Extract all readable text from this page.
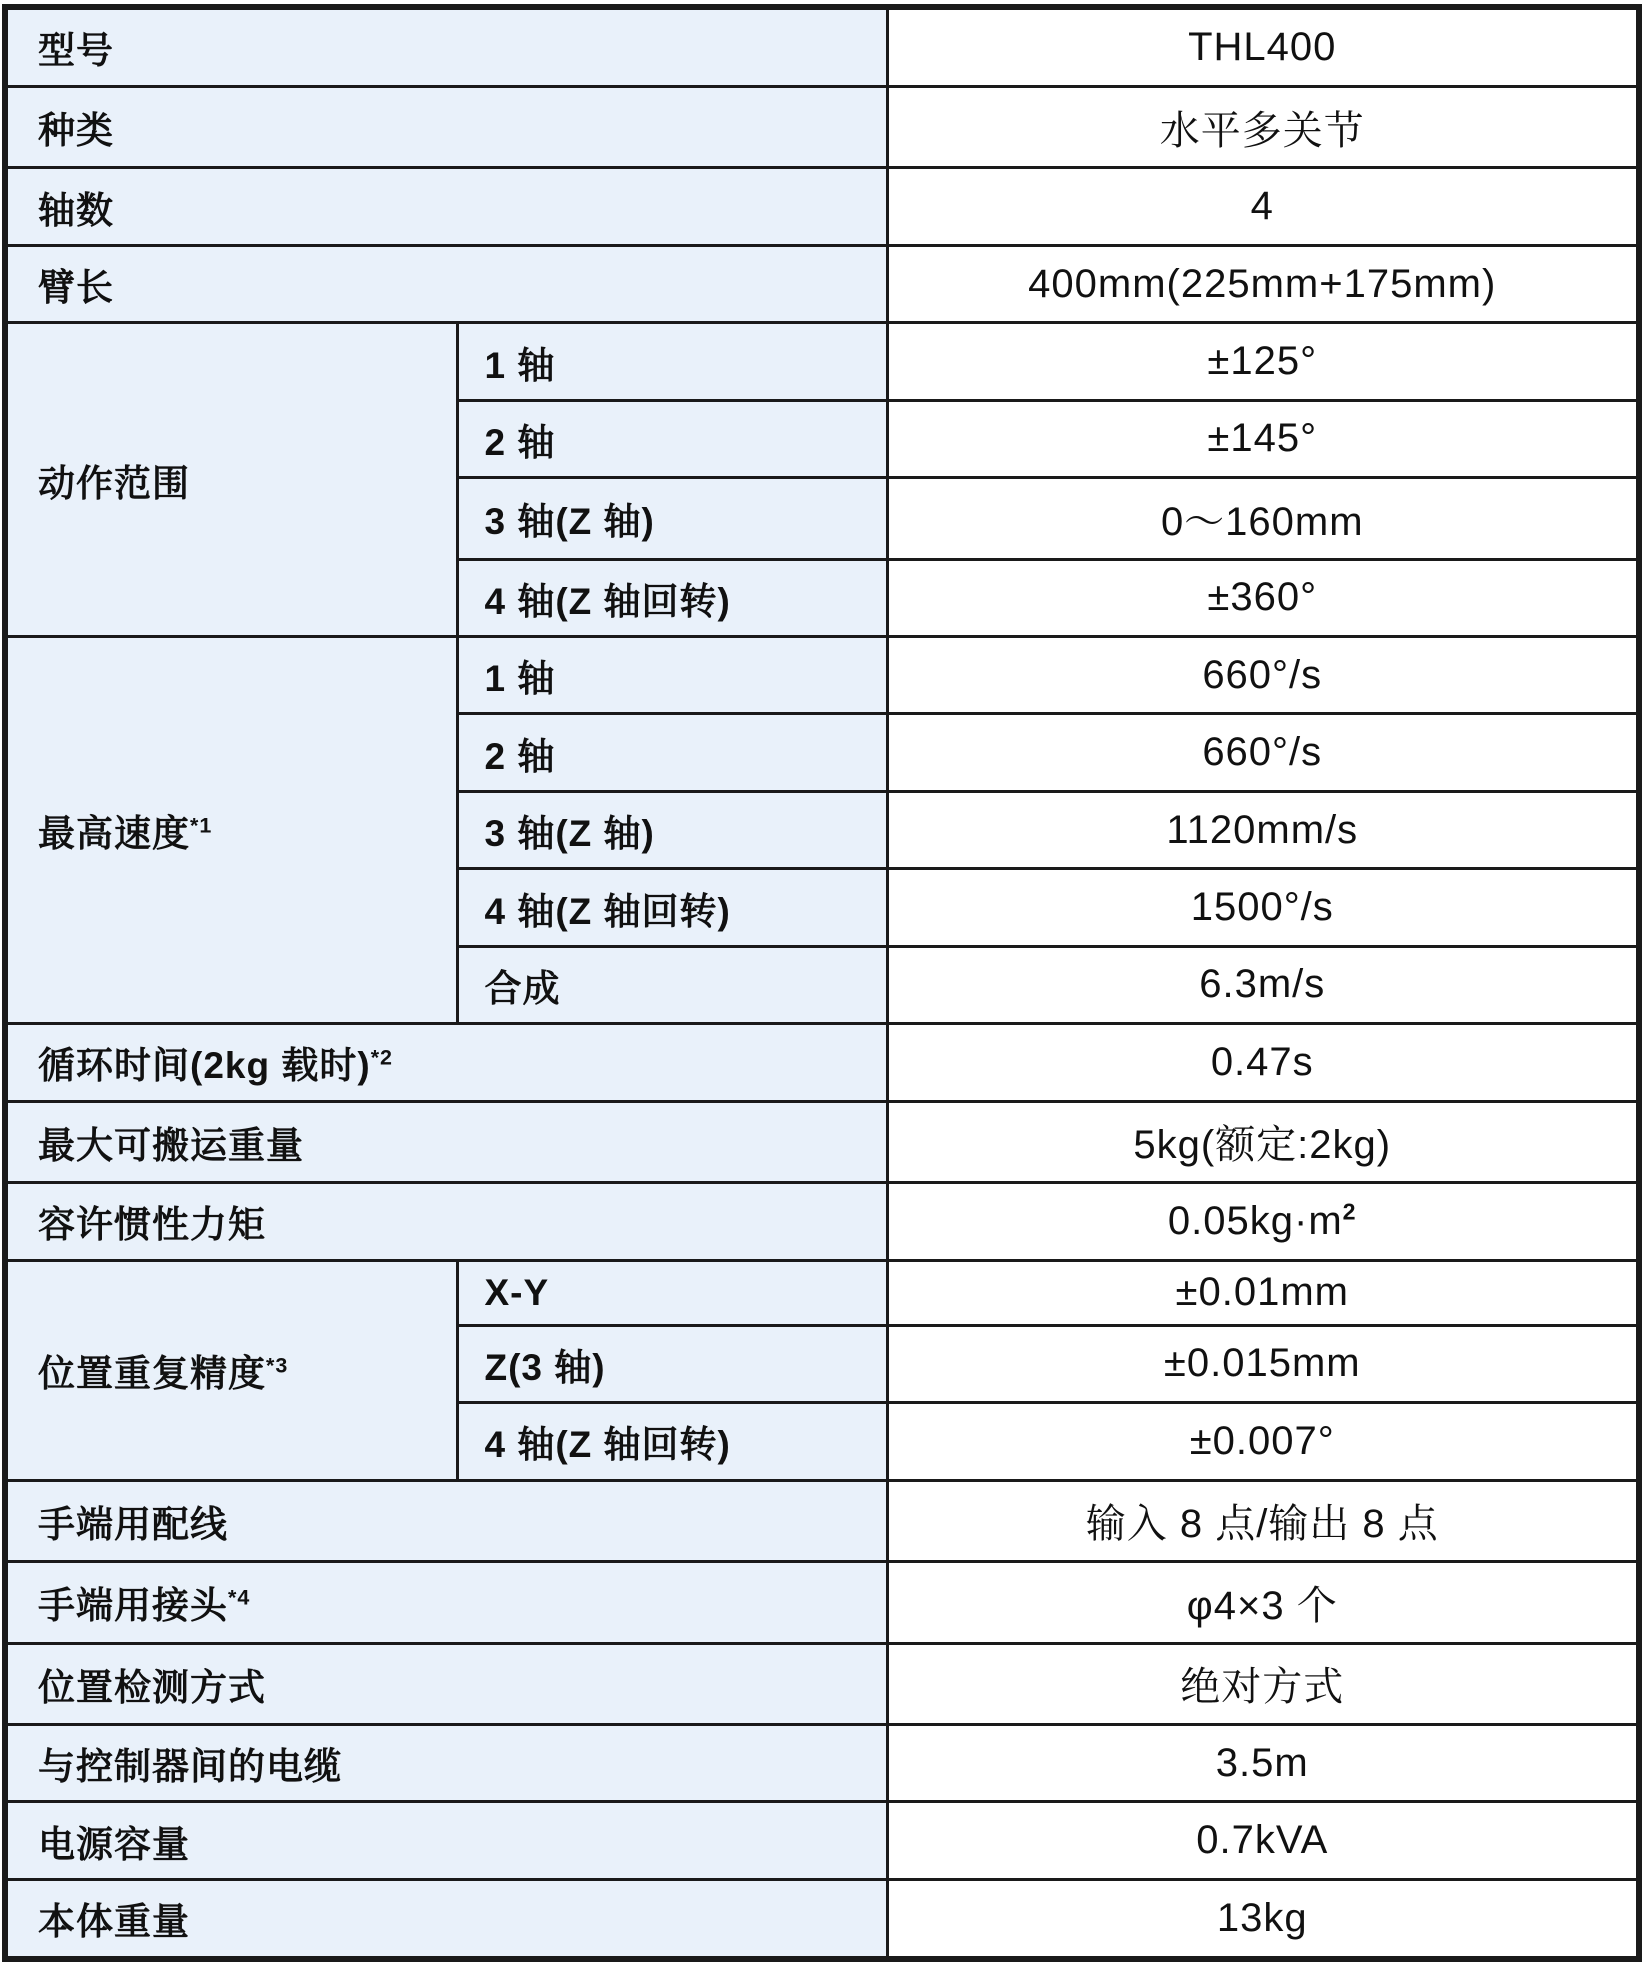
型号		THL400
种类		水平多关节
轴数		4
臂长		400mm(225mm+175mm)
动作范围	1 轴	±125°
	2 轴	±145°
	3 轴(Z 轴)	0～160mm
	4 轴(Z 轴回转)	±360°
最高速度$^{*1}$	1 轴	660°/s
	2 轴	660°/s
	3 轴(Z 轴)	1120mm/s
	4 轴(Z 轴回转)	1500°/s
	合成	6.3m/s
循环时间(2kg 载时)$^{*2}$		0.47s
最大可搬运重量		5kg(额定:2kg)
容许惯性力矩		$0.05kg\cdot m^2$
位置重复精度$^{*3}$	X-Y	±0.01mm
	Z(3 轴)	±0.015mm
	4 轴(Z 轴回转)	±0.007°
手端用配线		输入 8 点/输出 8 点
手端用接头$^{*4}$		φ4×3 个
位置检测方式		绝对方式
与控制器间的电缆		3.5m
电源容量		0.7kVA
本体重量		13kg
